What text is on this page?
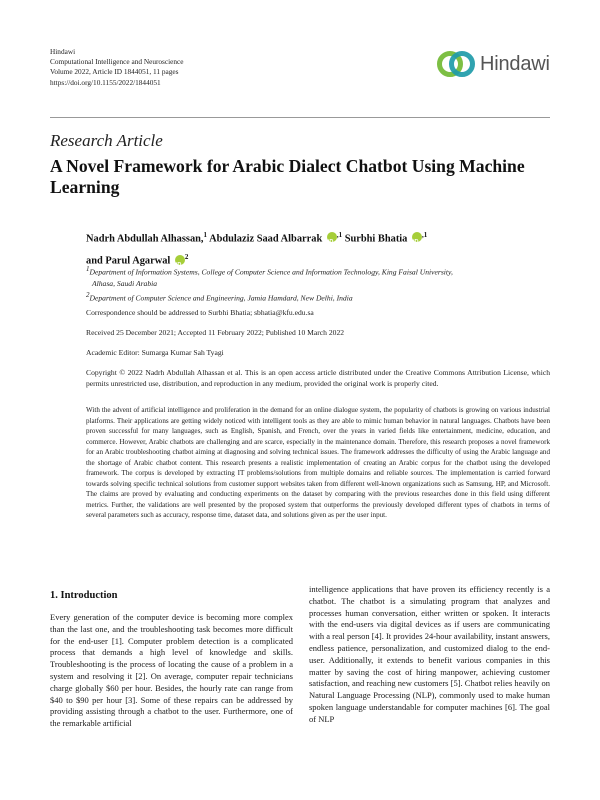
Hindawi
Computational Intelligence and Neuroscience
Volume 2022, Article ID 1844051, 11 pages
https://doi.org/10.1155/2022/1844051
Hindawi
Research Article
A Novel Framework for Arabic Dialect Chatbot Using Machine Learning
Nadrh Abdullah Alhassan,$^1$ Abdulaziz Saad Albarrak iD $^{,1}$ Surbhi Bhatia iD $^{,1}$
and Parul Agarwal iD $^2$
$^1$Department of Information Systems, College of Computer Science and Information Technology, King Faisal University,
Alhasa, Saudi Arabia
$^2$Department of Computer Science and Engineering, Jamia Hamdard, New Delhi, India
Correspondence should be addressed to Surbhi Bhatia; sbhatia@kfu.edu.sa
Received 25 December 2021; Accepted 11 February 2022; Published 10 March 2022
Academic Editor: Sumarga Kumar Sah Tyagi
Copyright © 2022 Nadrh Abdullah Alhassan et al. This is an open access article distributed under the Creative Commons Attribution License, which permits unrestricted use, distribution, and reproduction in any medium, provided the original work is properly cited.
With the advent of artificial intelligence and proliferation in the demand for an online dialogue system, the popularity of chatbots is growing on various industrial platforms. Their applications are getting widely noticed with intelligent tools as they are able to mimic human behavior in natural languages. Chatbots have been proven successful for many languages, such as English, Spanish, and French, over the years in varied fields like entertainment, medicine, education, and commerce. However, Arabic chatbots are challenging and are scarce, especially in the maintenance domain. Therefore, this research proposes a novel framework for an Arabic troubleshooting chatbot aiming at diagnosing and solving technical issues. The framework addresses the difficulty of using the Arabic language and the shortage of Arabic chatbot content. This research presents a realistic implementation of creating an Arabic corpus for the chatbot using the developed framework. The corpus is developed by extracting IT problems/solutions from multiple domains and reliable sources. The implementation is carried forward towards solving specific technical solutions from customer support websites taken from different well-known organizations such as Samsung, HP, and Microsoft. The claims are proved by evaluating and conducting experiments on the dataset by comparing with the previous researches done in this field using different metrics. Further, the validations are well presented by the proposed system that outperforms the previously developed different types of chatbots in terms of several parameters such as accuracy, response time, dataset data, and solutions given as per the user input.
1. Introduction
Every generation of the computer device is becoming more complex than the last one, and the troubleshooting task becomes more difficult for the end-user [1]. Computer problem detection is a complicated process that demands a high level of knowledge and skills. Troubleshooting is the process of locating the cause of a problem in a system and resolving it [2]. On average, computer repair technicians charge globally $60 per hour. Besides, the hourly rate can range from $40 to $90 per hour [3]. Some of these repairs can be addressed by providing assisting through a chatbot to the user. Furthermore, one of the remarkable artificial
intelligence applications that have proven its efficiency recently is a chatbot. The chatbot is a simulating program that analyzes and processes human conversation, either written or spoken. It interacts with the end-users via digital devices as if users are communicating with a real person [4]. It provides 24-hour availability, instant answers, endless patience, personalization, and customized dialog to the end-user. Additionally, it extends to benefit various companies in this matter by saving the cost of hiring manpower, achieving customer satisfaction, and reaching new customers [5]. Chatbot relies heavily on Natural Language Processing (NLP), commonly used to make human spoken language understandable for computer machines [6]. The goal of NLP
